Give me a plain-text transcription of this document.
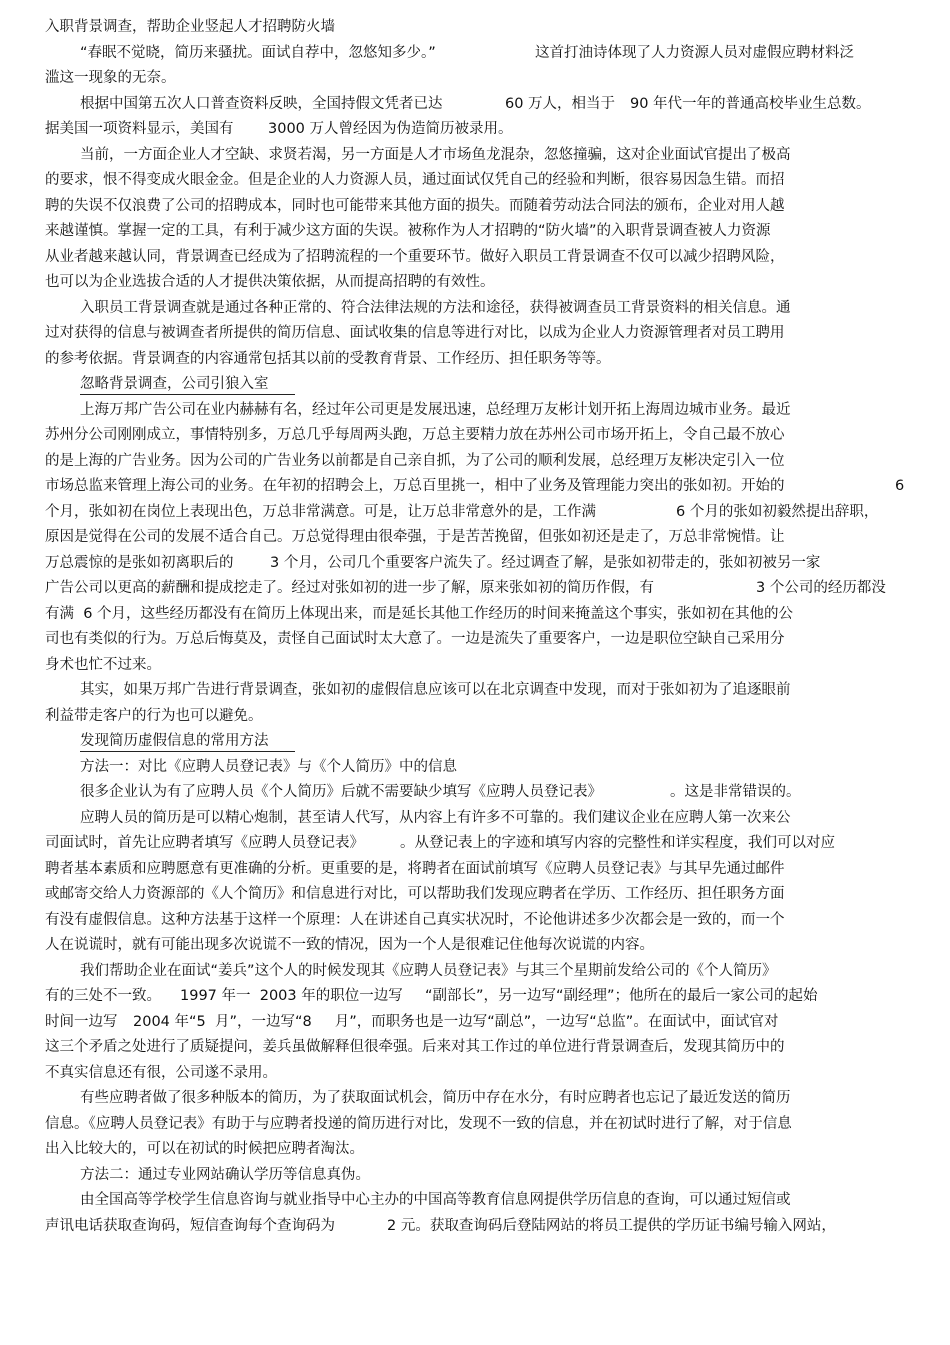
入职背景调查，帮助企业竖起人才招聘防火墙
“春眠不觉晓，简历来骚扰。面试自荐中，忽悠知多少。”	这首打油诗体现了人力资源人员对虚假应聘材料泛
滥这一现象的无奈。
根据中国第五次人口普查资料反映，全国持假文凭者已达	60 万人，相当于 90 年代一年的普通高校毕业生总数。
据美国一项资料显示，美国有 3000 万人曾经因为伪造简历被录用。
当前，一方面企业人才空缺、求贤若渴，另一方面是人才市场鱼龙混杂，忽悠撞骗，这对企业面试官提出了极高
的要求，恨不得变成火眼金金。但是企业的人力资源人员，通过面试仅凭自己的经验和判断，很容易因急生错。而招
聘的失误不仅浪费了公司的招聘成本，同时也可能带来其他方面的损失。而随着劳动法合同法的颁布，企业对用人越
来越谨慎。掌握一定的工具，有利于减少这方面的失误。被称作为人才招聘的“防火墙”的入职背景调查被人力资源
从业者越来越认同，背景调查已经成为了招聘流程的一个重要环节。做好入职员工背景调查不仅可以减少招聘风险，
也可以为企业选拔合适的人才提供决策依据，从而提高招聘的有效性。
入职员工背景调查就是通过各种正常的、符合法律法规的方法和途径，获得被调查员工背景资料的相关信息。通
过对获得的信息与被调查者所提供的简历信息、面试收集的信息等进行对比，以成为企业人力资源管理者对员工聘用
的参考依据。背景调查的内容通常包括其以前的受教育背景、工作经历、担任职务等等。
忽略背景调查，公司引狼入室
上海万邦广告公司在业内赫赫有名，经过年公司更是发展迅速，总经理万友彬计划开拓上海周边城市业务。最近
苏州分公司刚刚成立，事情特别多，万总几乎每周两头跑，万总主要精力放在苏州公司市场开拓上，令自己最不放心
的是上海的广告业务。因为公司的广告业务以前都是自己亲自抓，为了公司的顺利发展，总经理万友彬决定引入一位
市场总监来管理上海公司的业务。在年初的招聘会上，万总百里挑一，相中了业务及管理能力突出的张如初。开始的	6
个月，张如初在岗位上表现出色，万总非常满意。可是，让万总非常意外的是，工作满	6 个月的张如初毅然提出辞职，
原因是觉得在公司的发展不适合自己。万总觉得理由很牵强，于是苦苦挽留，但张如初还是走了，万总非常惋惜。让
万总震惊的是张如初离职后的	3 个月，公司几个重要客户流失了。经过调查了解，是张如初带走的，张如初被另一家
广告公司以更高的薪酬和提成挖走了。经过对张如初的进一步了解，原来张如初的简历作假，有	3 个公司的经历都没
有满  6 个月，这些经历都没有在简历上体现出来，而是延长其他工作经历的时间来掩盖这个事实，张如初在其他的公
司也有类似的行为。万总后悔莫及，责怪自己面试时太大意了。一边是流失了重要客户，一边是职位空缺自己采用分
身术也忙不过来。
其实，如果万邦广告进行背景调查，张如初的虚假信息应该可以在北京调查中发现，而对于张如初为了追逐眼前
利益带走客户的行为也可以避免。
发现简历虚假信息的常用方法
方法一：对比《应聘人员登记表》与《个人简历》中的信息
很多企业认为有了应聘人员《个人简历》后就不需要缺少填写《应聘人员登记表》	。这是非常错误的。
应聘人员的简历是可以精心炮制，甚至请人代写，从内容上有许多不可靠的。我们建议企业在应聘人第一次来公
司面试时，首先让应聘者填写《应聘人员登记表》 。从登记表上的字迹和填写内容的完整性和详实程度，我们可以对应
聘者基本素质和应聘愿意有更准确的分析。更重要的是，将聘者在面试前填写《应聘人员登记表》与其早先通过邮件
或邮寄交给人力资源部的《人个简历》和信息进行对比，可以帮助我们发现应聘者在学历、工作经历、担任职务方面
有没有虚假信息。这种方法基于这样一个原理：人在讲述自己真实状况时，不论他讲述多少次都会是一致的，而一个
人在说谎时，就有可能出现多次说谎不一致的情况，因为一个人是很难记住他每次说谎的内容。
我们帮助企业在面试“姜兵”这个人的时候发现其《应聘人员登记表》与其三个星期前发给公司的《个人简历》
有的三处不一致。 1997 年一  2003 年的职位一边写 “副部长”，另一边写“副经理”；他所在的最后一家公司的起始
时间一边写 2004 年“5  月”，一边写“8     月”，而职务也是一边写“副总”，一边写“总监”。在面试中，面试官对
这三个矛盾之处进行了质疑提问，姜兵虽做解释但很牵强。后来对其工作过的单位进行背景调查后，发现其简历中的
不真实信息还有很，公司遂不录用。
有些应聘者做了很多种版本的简历，为了获取面试机会，简历中存在水分，有时应聘者也忘记了最近发送的简历
信息。《应聘人员登记表》有助于与应聘者投递的简历进行对比，发现不一致的信息，并在初试时进行了解，对于信息
出入比较大的，可以在初试的时候把应聘者淘汰。
方法二：通过专业网站确认学历等信息真伪。
由全国高等学校学生信息咨询与就业指导中心主办的中国高等教育信息网提供学历信息的查询，可以通过短信或
声讯电话获取查询码，短信查询每个查询码为	2 元。获取查询码后登陆网站的将员工提供的学历证书编号输入网站，
